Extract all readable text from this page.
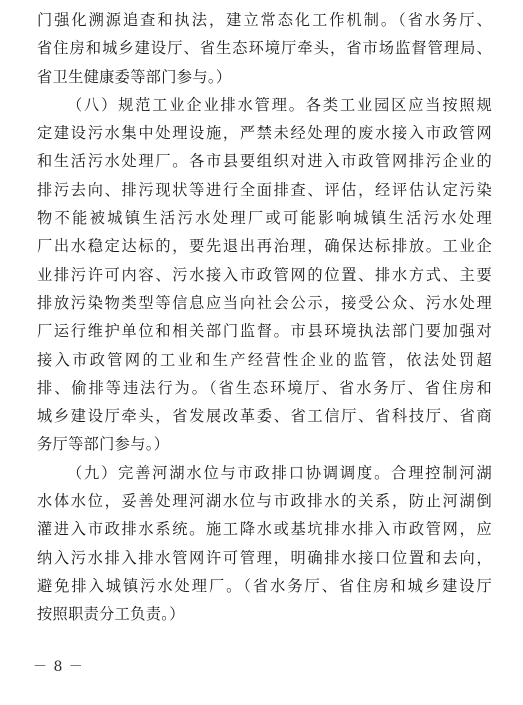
门强化溯源追查和执法，建立常态化工作机制。（省水务厅、
省住房和城乡建设厅、省生态环境厅牵头，省市场监督管理局、
省卫生健康委等部门参与。）
（八）规范工业企业排水管理。各类工业园区应当按照规
定建设污水集中处理设施，严禁未经处理的废水接入市政管网
和生活污水处理厂。各市县要组织对进入市政管网排污企业的
排污去向、排污现状等进行全面排查、评估，经评估认定污染
物不能被城镇生活污水处理厂或可能影响城镇生活污水处理
厂出水稳定达标的，要先退出再治理，确保达标排放。工业企
业排污许可内容、污水接入市政管网的位置、排水方式、主要
排放污染物类型等信息应当向社会公示，接受公众、污水处理
厂运行维护单位和相关部门监督。市县环境执法部门要加强对
接入市政管网的工业和生产经营性企业的监管，依法处罚超
排、偷排等违法行为。（省生态环境厅、省水务厅、省住房和
城乡建设厅牵头，省发展改革委、省工信厅、省科技厅、省商
务厅等部门参与。）
（九）完善河湖水位与市政排口协调调度。合理控制河湖
水体水位，妥善处理河湖水位与市政排水的关系，防止河湖倒
灌进入市政排水系统。施工降水或基坑排水排入市政管网，应
纳入污水排入排水管网许可管理，明确排水接口位置和去向，
避免排入城镇污水处理厂。（省水务厅、省住房和城乡建设厅
按照职责分工负责。）
－ 8 －
